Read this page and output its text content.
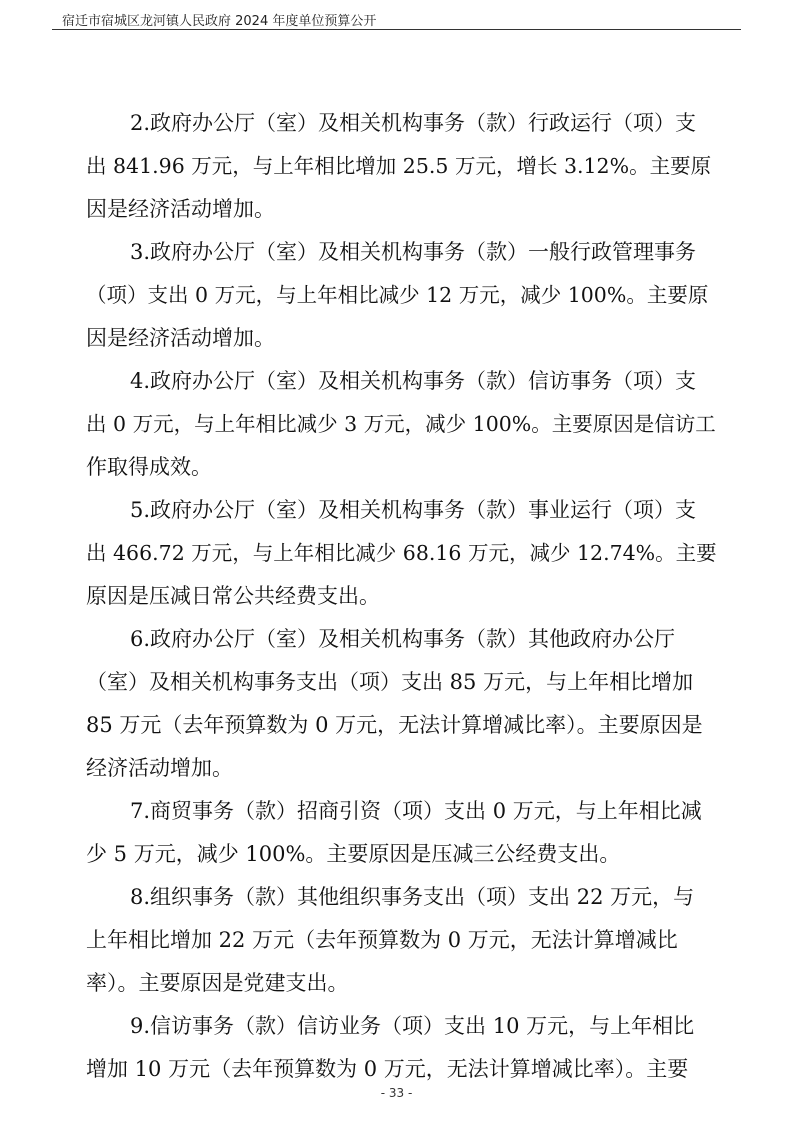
宿迁市宿城区龙河镇人民政府 2024 年度单位预算公开
2.政府办公厅（室）及相关机构事务（款）行政运行（项）支
出 841.96 万元，与上年相比增加 25.5 万元，增长 3.12%。主要原
因是经济活动增加。
3.政府办公厅（室）及相关机构事务（款）一般行政管理事务
（项）支出 0 万元，与上年相比减少 12 万元，减少 100%。主要原
因是经济活动增加。
4.政府办公厅（室）及相关机构事务（款）信访事务（项）支
出 0 万元，与上年相比减少 3 万元，减少 100%。主要原因是信访工
作取得成效。
5.政府办公厅（室）及相关机构事务（款）事业运行（项）支
出 466.72 万元，与上年相比减少 68.16 万元，减少 12.74%。主要
原因是压减日常公共经费支出。
6.政府办公厅（室）及相关机构事务（款）其他政府办公厅
（室）及相关机构事务支出（项）支出 85 万元，与上年相比增加
85 万元（去年预算数为 0 万元，无法计算增减比率）。主要原因是
经济活动增加。
7.商贸事务（款）招商引资（项）支出 0 万元，与上年相比减
少 5 万元，减少 100%。主要原因是压减三公经费支出。
8.组织事务（款）其他组织事务支出（项）支出 22 万元，与
上年相比增加 22 万元（去年预算数为 0 万元，无法计算增减比
率）。主要原因是党建支出。
9.信访事务（款）信访业务（项）支出 10 万元，与上年相比
增加 10 万元（去年预算数为 0 万元，无法计算增减比率）。主要
- 33 -
